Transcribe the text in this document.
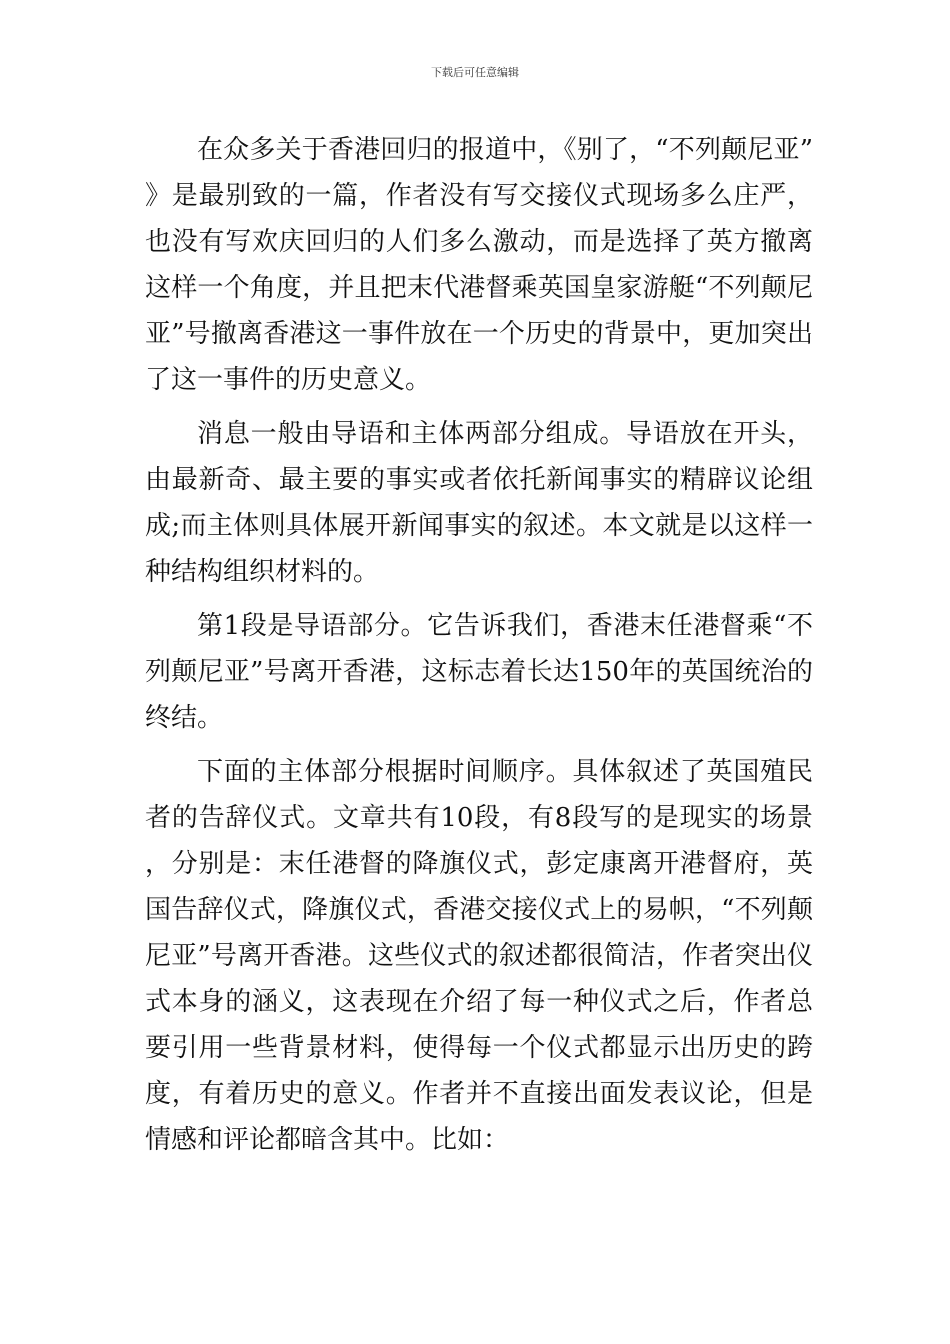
下载后可任意编辑

在众多关于香港回归的报道中，《别了，“不列颠尼亚”》是最别致的一篇，作者没有写交接仪式现场多么庄严，也没有写欢庆回归的人们多么激动，而是选择了英方撤离这样一个角度，并且把末代港督乘英国皇家游艇“不列颠尼亚”号撤离香港这一事件放在一个历史的背景中，更加突出了这一事件的历史意义。

消息一般由导语和主体两部分组成。导语放在开头，由最新奇、最主要的事实或者依托新闻事实的精辟议论组成;而主体则具体展开新闻事实的叙述。本文就是以这样一种结构组织材料的。

第1段是导语部分。它告诉我们，香港末任港督乘“不列颠尼亚”号离开香港，这标志着长达150年的英国统治的终结。

下面的主体部分根据时间顺序。具体叙述了英国殖民者的告辞仪式。文章共有10段，有8段写的是现实的场景，分别是：末任港督的降旗仪式，彭定康离开港督府，英国告辞仪式，降旗仪式，香港交接仪式上的易帜，“不列颠尼亚”号离开香港。这些仪式的叙述都很简洁，作者突出仪式本身的涵义，这表现在介绍了每一种仪式之后，作者总要引用一些背景材料，使得每一个仪式都显示出历史的跨度，有着历史的意义。作者并不直接出面发表议论，但是情感和评论都暗含其中。比如：
